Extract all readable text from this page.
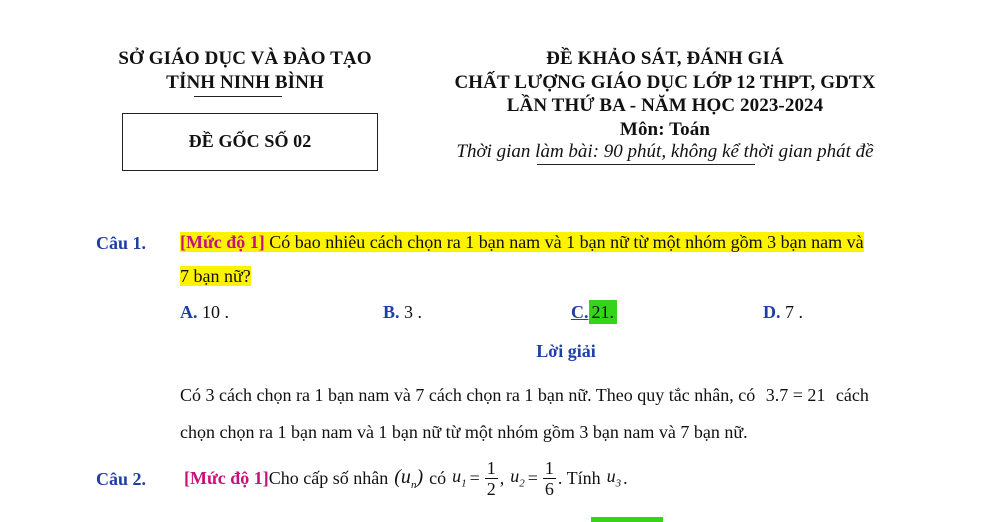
SỞ GIÁO DỤC VÀ ĐÀO TẠO
TỈNH NINH BÌNH
ĐỀ GỐC SỐ 02
ĐỀ KHẢO SÁT, ĐÁNH GIÁ
CHẤT LƯỢNG GIÁO DỤC LỚP 12 THPT, GDTX
LẦN THỨ BA - NĂM HỌC 2023-2024
Môn: Toán
Thời gian làm bài: 90 phút, không kể thời gian phát đề
Câu 1. [Mức độ 1] Có bao nhiêu cách chọn ra 1 bạn nam và 1 bạn nữ từ một nhóm gồm 3 bạn nam và
7 bạn nữ?
A. 10 .	B. 3 .	C. 21.	D. 7 .
Lời giải
Có 3 cách chọn ra 1 bạn nam và 7 cách chọn ra 1 bạn nữ. Theo quy tắc nhân, có 3.7 = 21 cách
chọn chọn ra 1 bạn nam và 1 bạn nữ từ một nhóm gồm 3 bạn nam và 7 bạn nữ.
Câu 2. [Mức độ 1] Cho cấp số nhân $(u_n)$ có $u_1 = \frac{1}{2}$ , $u_2 = \frac{1}{6}$ . Tính $u_3$ .
